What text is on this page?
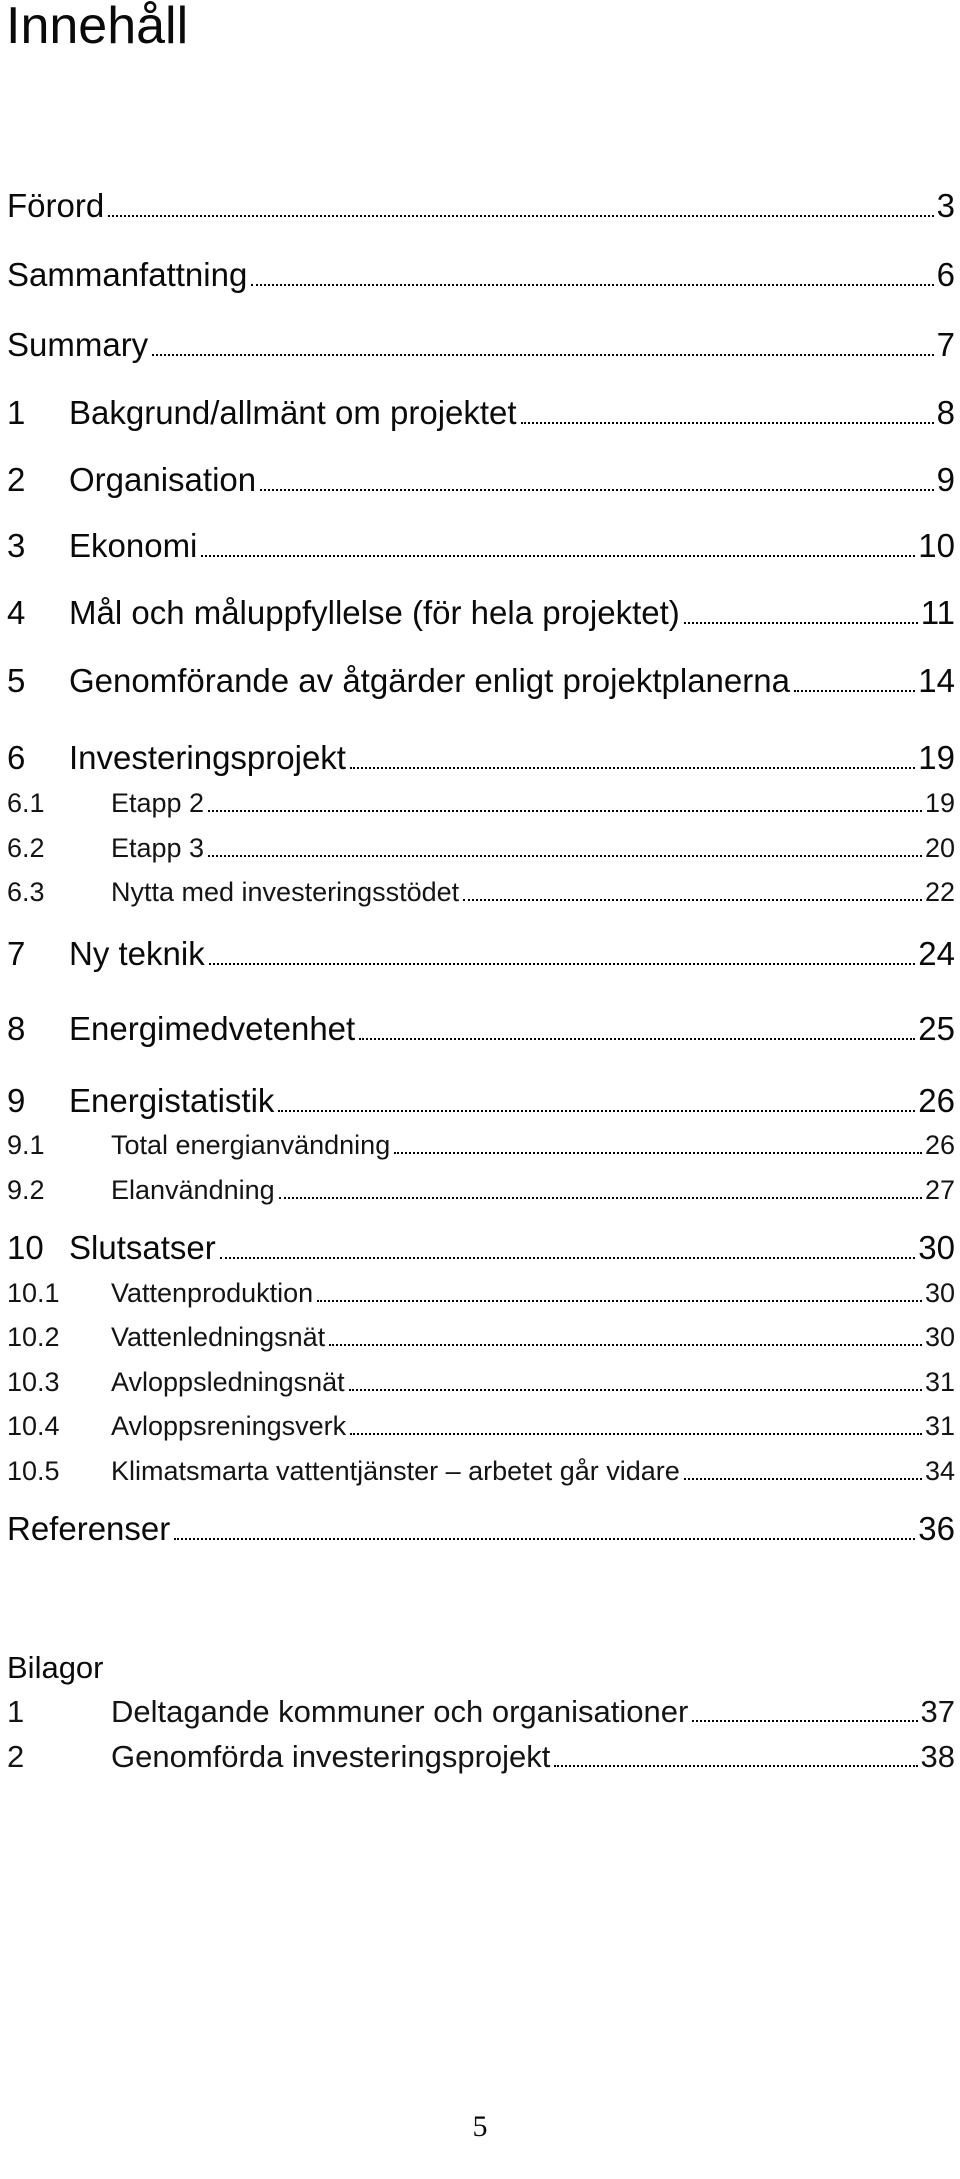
Innehåll
Förord	3
Sammanfattning	6
Summary	7
1	Bakgrund/allmänt om projektet	8
2	Organisation	9
3	Ekonomi	10
4	Mål och måluppfyllelse (för hela projektet)	11
5	Genomförande av åtgärder enligt projektplanerna	14
6	Investeringsprojekt	19
6.1	Etapp 2	19
6.2	Etapp 3	20
6.3	Nytta med investeringsstödet	22
7	Ny teknik	24
8	Energimedvetenhet	25
9	Energistatistik	26
9.1	Total energianvändning	26
9.2	Elanvändning	27
10 Slutsatser	30
10.1	Vattenproduktion	30
10.2	Vattenledningsnät	30
10.3	Avloppsledningsnät	31
10.4	Avloppsreningsverk	31
10.5	Klimatsmarta vattentjänster – arbetet går vidare	34
Referenser	36
Bilagor
1	Deltagande kommuner och organisationer	37
2	Genomförda investeringsprojekt	38
5
